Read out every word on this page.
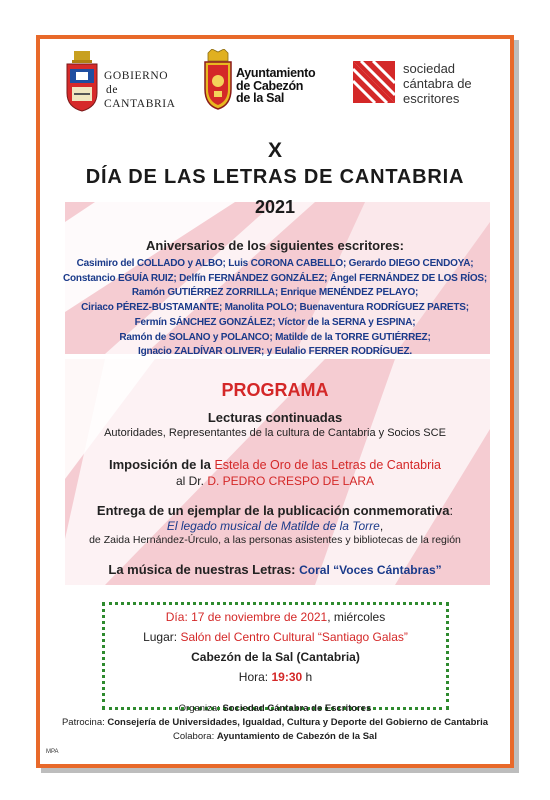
GOBIERNO
de
CANTABRIA
Ayuntamiento
de Cabezón
de la Sal
sociedad
cántabra de
escritores
X
DÍA DE LAS LETRAS DE CANTABRIA
2021
Aniversarios de los siguientes escritores:
Casimiro del COLLADO y ALBO; Luis CORONA CABELLO; Gerardo DIEGO CENDOYA;
Constancio EGUÍA RUIZ; Delfín FERNÁNDEZ GONZÁLEZ; Ángel FERNÁNDEZ DE LOS RÍOS;
Ramón GUTIÉRREZ ZORRILLA; Enrique MENÉNDEZ PELAYO;
Ciriaco PÉREZ-BUSTAMANTE; Manolita POLO; Buenaventura RODRÍGUEZ PARETS;
Fermín SÁNCHEZ GONZÁLEZ; Víctor de la SERNA y ESPINA;
Ramón de SOLANO y POLANCO; Matilde de la TORRE GUTIÉRREZ;
Ignacio ZALDÍVAR OLIVER; y Eulalio FERRER RODRÍGUEZ.
PROGRAMA
Lecturas continuadas
Autoridades, Representantes de la cultura de Cantabria y Socios SCE
Imposición de la Estela de Oro de las Letras de Cantabria
al Dr. D. PEDRO CRESPO DE LARA
Entrega de un ejemplar de la publicación conmemorativa:
El legado musical de Matilde de la Torre,
de Zaida Hernández-Úrculo, a las personas asistentes y bibliotecas de la región
La música de nuestras Letras: Coral “Voces Cántabras”
Día: 17 de noviembre de 2021, miércoles
Lugar: Salón del Centro Cultural “Santiago Galas”
Cabezón de la Sal (Cantabria)
Hora: 19:30 h
Organiza: Sociedad Cántabra de Escritores
Patrocina: Consejería de Universidades, Igualdad, Cultura y Deporte del Gobierno de Cantabria
Colabora: Ayuntamiento de Cabezón de la Sal
MPA
